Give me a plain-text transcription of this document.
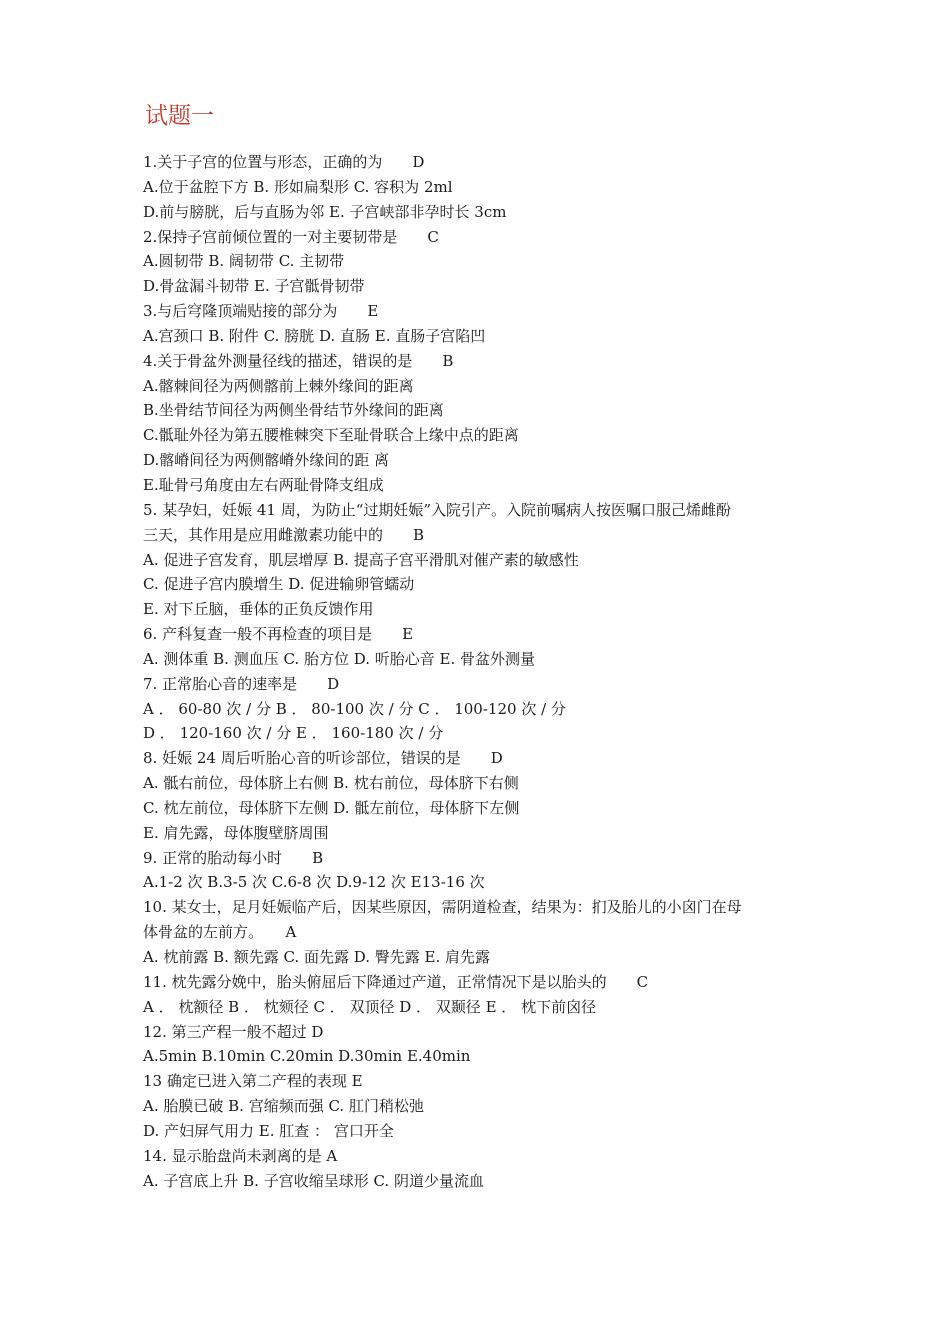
试题一

1.关于子宫的位置与形态，正确的为　　D

A.位于盆腔下方 B. 形如扁梨形 C. 容积为 2ml

D.前与膀胱，后与直肠为邻 E. 子宫峡部非孕时长 3cm

2.保持子宫前倾位置的一对主要韧带是　　C

A.圆韧带 B. 阔韧带 C. 主韧带

D.骨盆漏斗韧带 E. 子宫骶骨韧带

3.与后穹隆顶端贴接的部分为　　E

A.宫颈口 B. 附件 C. 膀胱 D. 直肠 E. 直肠子宫陷凹

4.关于骨盆外测量径线的描述，错误的是　　B

A.髂棘间径为两侧髂前上棘外缘间的距离

B.坐骨结节间径为两侧坐骨结节外缘间的距离

C.骶耻外径为第五腰椎棘突下至耻骨联合上缘中点的距离

D.髂嵴间径为两侧髂嵴外缘间的距 离

E.耻骨弓角度由左右两耻骨降支组成

5. 某孕妇，妊娠 41 周，为防止“过期妊娠”入院引产。入院前嘱病人按医嘱口服己烯雌酚

三天，其作用是应用雌激素功能中的　　B

A. 促进子宫发育，肌层增厚 B. 提高子宫平滑肌对催产素的敏感性

C. 促进子宫内膜增生 D. 促进输卵管蠕动

E. 对下丘脑，垂体的正负反馈作用

6. 产科复查一般不再检查的项目是　　E

A. 测体重 B. 测血压 C. 胎方位 D. 听胎心音 E. 骨盆外测量

7. 正常胎心音的速率是　　D

A ． 60-80 次 / 分 B ． 80-100 次 / 分 C ． 100-120 次 / 分

D ． 120-160 次 / 分 E ． 160-180 次 / 分

8. 妊娠 24 周后听胎心音的听诊部位，错误的是　　D

A. 骶右前位，母体脐上右侧 B. 枕右前位，母体脐下右侧

C. 枕左前位，母体脐下左侧 D. 骶左前位，母体脐下左侧

E. 肩先露，母体腹壁脐周围

9. 正常的胎动每小时　　B

A.1-2 次 B.3-5 次 C.6-8 次 D.9-12 次 E13-16 次

10. 某女士，足月妊娠临产后，因某些原因，需阴道检查，结果为：扪及胎儿的小囟门在母

体骨盆的左前方。　　A

A. 枕前露 B. 额先露 C. 面先露 D. 臀先露 E. 肩先露

11. 枕先露分娩中，胎头俯屈后下降通过产道，正常情况下是以胎头的　　C

A ． 枕额径 B ． 枕颏径 C ． 双顶径 D ． 双颞径 E ． 枕下前囟径

12. 第三产程一般不超过 D

A.5min B.10min C.20min D.30min E.40min

13 确定已进入第二产程的表现 E

A. 胎膜已破 B. 宫缩频而强 C. 肛门稍松弛

D. 产妇屏气用力 E. 肛查 ： 宫口开全

14. 显示胎盘尚未剥离的是 A

A. 子宫底上升 B. 子宫收缩呈球形 C. 阴道少量流血
